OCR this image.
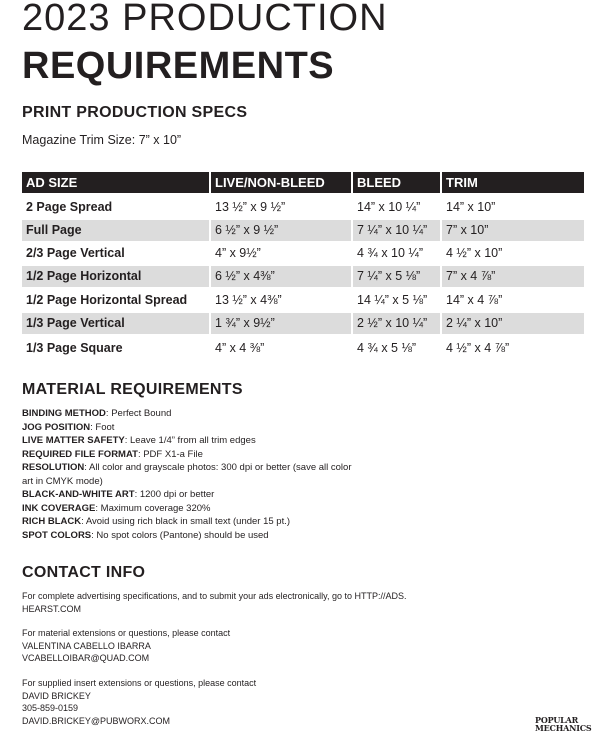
2023 PRODUCTION
REQUIREMENTS
PRINT PRODUCTION SPECS
Magazine Trim Size: 7” x 10”
AD SIZE	LIVE/NON-BLEED	BLEED	TRIM
2 Page Spread	13 ½” x 9 ½”	14” x 10 ¼”	14” x 10”
Full Page	6 ½” x 9 ½”	7 ¼” x 10 ¼”	7” x 10”
2/3 Page Vertical	4” x 9½”	4 ¾ x 10 ¼”	4 ½” x 10”
1/2 Page Horizontal	6 ½” x 4⅜”	7 ¼” x 5 ⅛”	7” x 4 ⅞”
1/2 Page Horizontal Spread	13 ½” x 4⅜”	14 ¼” x 5 ⅛”	14” x 4 ⅞”
1/3 Page Vertical	1 ¾” x 9½”	2 ½” x 10 ¼”	2 ¼” x 10”
1/3 Page Square	4” x 4 ⅜”	4 ¾ x 5 ⅛”	4 ½” x 4 ⅞”
MATERIAL REQUIREMENTS
BINDING METHOD: Perfect Bound
JOG POSITION: Foot
LIVE MATTER SAFETY: Leave 1/4” from all trim edges
REQUIRED FILE FORMAT: PDF X1-a File
RESOLUTION: All color and grayscale photos: 300 dpi or better (save all color art in CMYK mode)
BLACK-AND-WHITE ART: 1200 dpi or better
INK COVERAGE: Maximum coverage 320%
RICH BLACK: Avoid using rich black in small text (under 15 pt.)
SPOT COLORS: No spot colors (Pantone) should be used
CONTACT INFO
For complete advertising specifications, and to submit your ads electronically, go to HTTP://ADS.
HEARST.COM
For material extensions or questions, please contact
VALENTINA CABELLO IBARRA
VCABELLOIBAR@QUAD.COM
For supplied insert extensions or questions, please contact
DAVID BRICKEY
305-859-0159
DAVID.BRICKEY@PUBWORX.COM	POPULAR
MECHANICS
